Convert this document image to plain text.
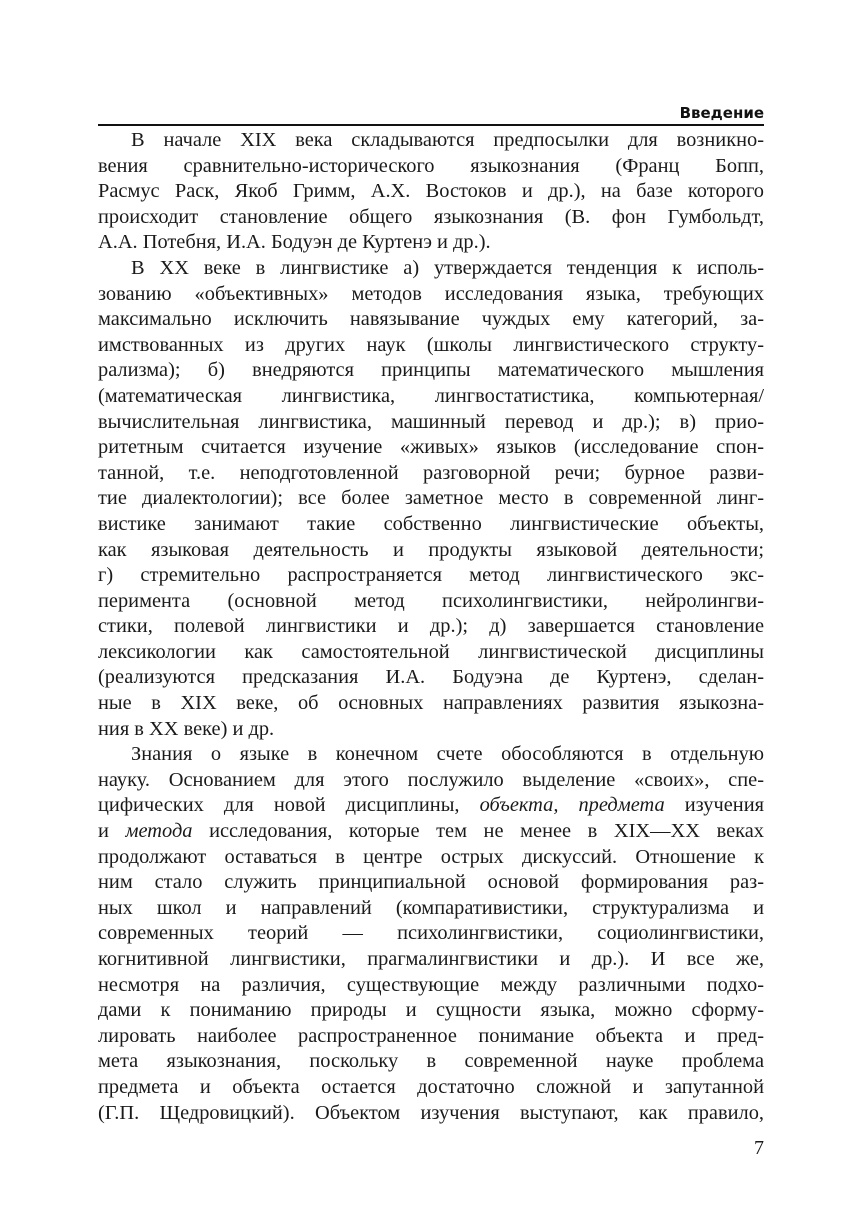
Введение
В начале XIX века складываются предпосылки для возникно-
вения сравнительно-исторического языкознания (Франц Бопп,
Расмус Раск, Якоб Гримм, А.Х. Востоков и др.), на базе которого
происходит становление общего языкознания (В. фон Гумбольдт,
А.А. Потебня, И.А. Бодуэн де Куртенэ и др.).
В XX веке в лингвистике а) утверждается тенденция к исполь-
зованию «объективных» методов исследования языка, требующих
максимально исключить навязывание чуждых ему категорий, за-
имствованных из других наук (школы лингвистического структу-
рализма); б) внедряются принципы математического мышления
(математическая лингвистика, лингвостатистика, компьютерная/
вычислительная лингвистика, машинный перевод и др.); в) прио-
ритетным считается изучение «живых» языков (исследование спон-
танной, т.е. неподготовленной разговорной речи; бурное разви-
тие диалектологии); все более заметное место в современной линг-
вистике занимают такие собственно лингвистические объекты,
как языковая деятельность и продукты языковой деятельности;
г) стремительно распространяется метод лингвистического экс-
перимента (основной метод психолингвистики, нейролингви-
стики, полевой лингвистики и др.); д) завершается становление
лексикологии как самостоятельной лингвистической дисциплины
(реализуются предсказания И.А. Бодуэна де Куртенэ, сделан-
ные в XIX веке, об основных направлениях развития языкозна-
ния в XX веке) и др.
Знания о языке в конечном счете обособляются в отдельную
науку. Основанием для этого послужило выделение «своих», спе-
цифических для новой дисциплины, объекта, предмета изучения
и метода исследования, которые тем не менее в XIX—XX веках
продолжают оставаться в центре острых дискуссий. Отношение к
ним стало служить принципиальной основой формирования раз-
ных школ и направлений (компаративистики, структурализма и
современных теорий — психолингвистики, социолингвистики,
когнитивной лингвистики, прагмалингвистики и др.). И все же,
несмотря на различия, существующие между различными подхо-
дами к пониманию природы и сущности языка, можно сформу-
лировать наиболее распространенное понимание объекта и пред-
мета языкознания, поскольку в современной науке проблема
предмета и объекта остается достаточно сложной и запутанной
(Г.П. Щедровицкий). Объектом изучения выступают, как правило,
7
